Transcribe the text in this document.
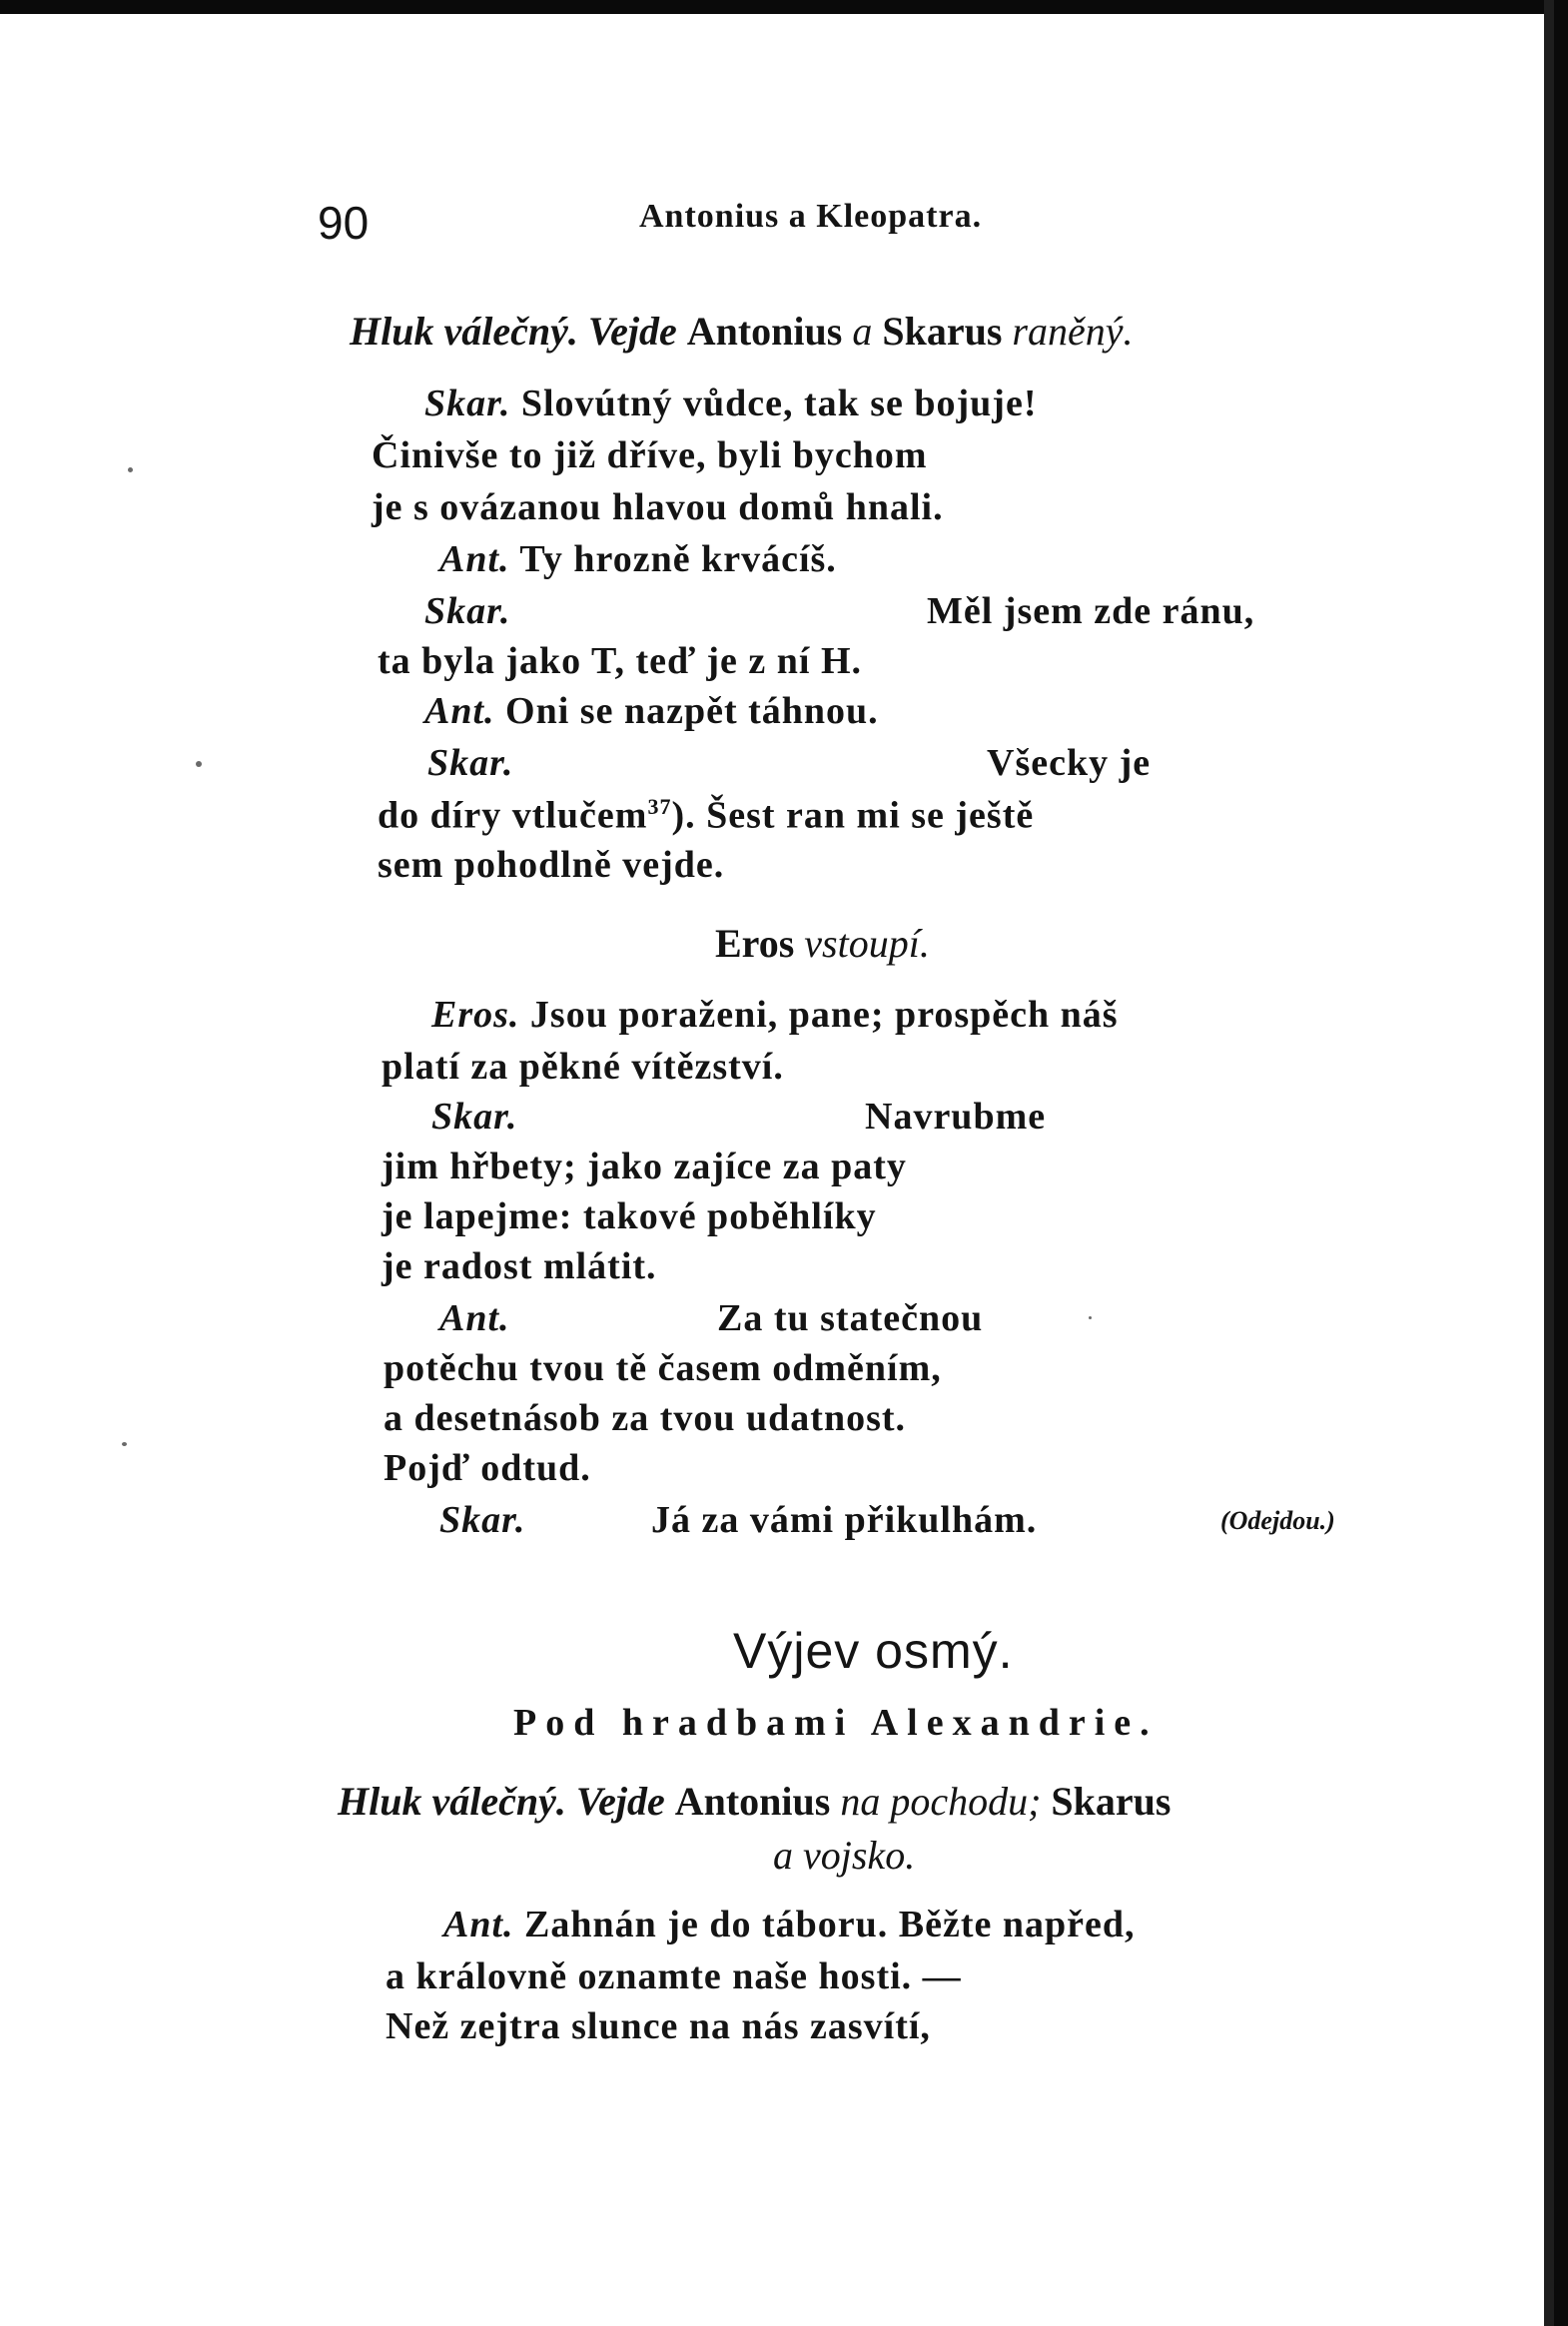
90	Antonius a Kleopatra.
Hluk válečný. Vejde Antonius a Skarus raněný.
Skar. Slovútný vůdce, tak se bojuje!
Činivše to již dříve, byli bychom
je s ovázanou hlavou domů hnali.
Ant. Ty hrozně krvácíš.
Skar.	Měl jsem zde ránu,
ta byla jako T, teď je z ní H.
Ant. Oni se nazpět táhnou.
Skar.	Všecky je
do díry vtlučem$^{37}$). Šest ran mi se ještě
sem pohodlně vejde.
Eros vstoupí.
Eros. Jsou poraženi, pane; prospěch náš
platí za pěkné vítězství.
Skar.	Navrubme
jim hřbety; jako zajíce za paty
je lapejme: takové poběhlíky
je radost mlátit.
Ant.	Za tu statečnou
potěchu tvou tě časem odměním,
a desetnásob za tvou udatnost.
Pojď odtud.
Skar.	Já za vámi přikulhám.	(Odejdou.)
Výjev osmý.
Pod hradbami Alexandrie.
Hluk válečný. Vejde Antonius na pochodu; Skarus
a vojsko.
Ant. Zahnán je do táboru. Běžte napřed,
a královně oznamte naše hosti. —
Než zejtra slunce na nás zasvítí,
